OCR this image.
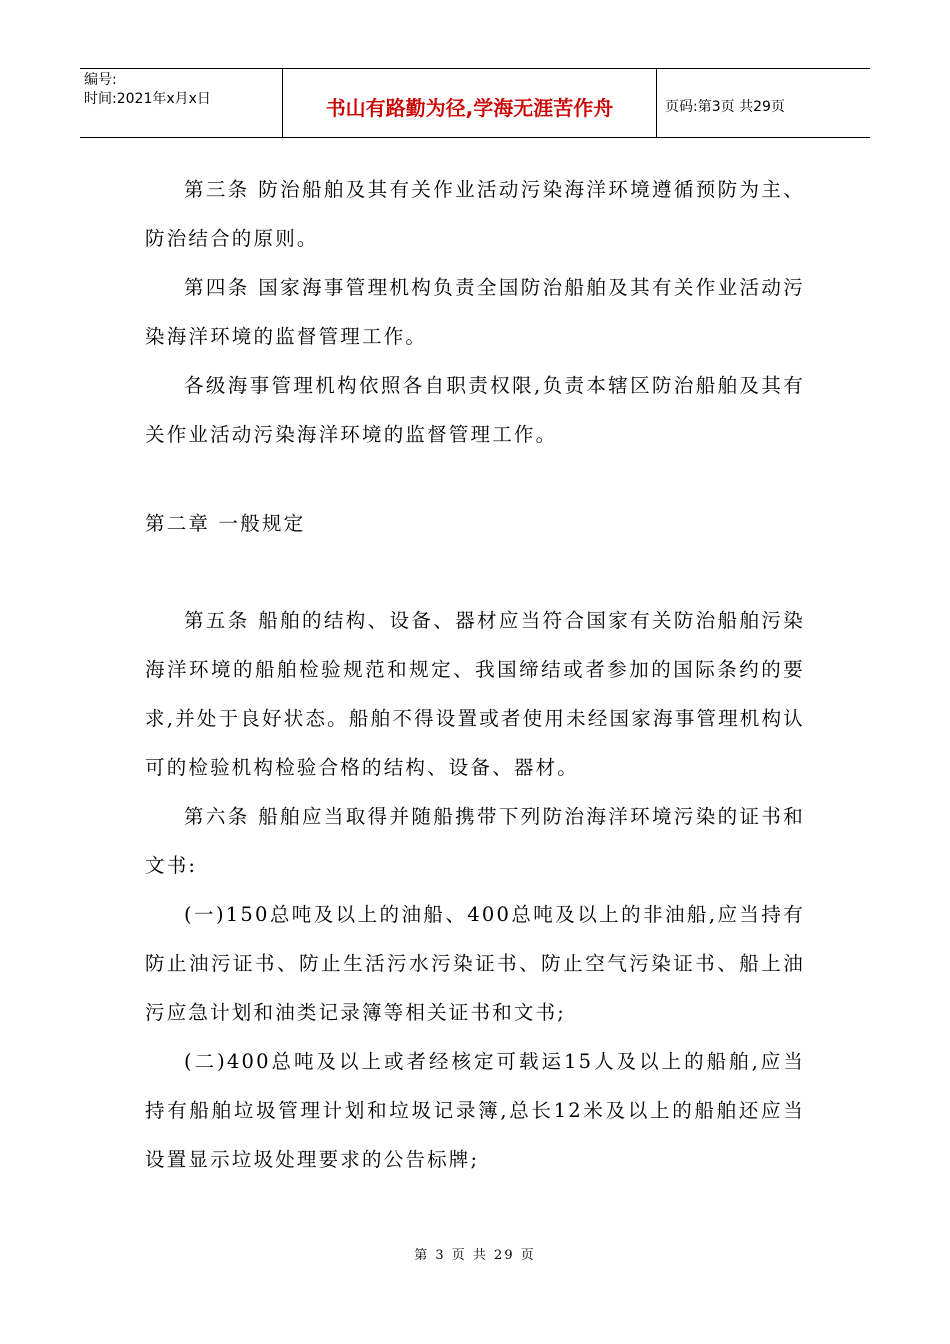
编号:
时间:2021年x月x日	书山有路勤为径,学海无涯苦作舟	页码:第3页 共29页

第三条 防治船舶及其有关作业活动污染海洋环境遵循预防为主、防治结合的原则。

第四条 国家海事管理机构负责全国防治船舶及其有关作业活动污染海洋环境的监督管理工作。

各级海事管理机构依照各自职责权限,负责本辖区防治船舶及其有关作业活动污染海洋环境的监督管理工作。

第二章 一般规定

第五条 船舶的结构、设备、器材应当符合国家有关防治船舶污染海洋环境的船舶检验规范和规定、我国缔结或者参加的国际条约的要求,并处于良好状态。船舶不得设置或者使用未经国家海事管理机构认可的检验机构检验合格的结构、设备、器材。

第六条 船舶应当取得并随船携带下列防治海洋环境污染的证书和文书:

(一)150总吨及以上的油船、400总吨及以上的非油船,应当持有防止油污证书、防止生活污水污染证书、防止空气污染证书、船上油污应急计划和油类记录簿等相关证书和文书;

(二)400总吨及以上或者经核定可载运15人及以上的船舶,应当持有船舶垃圾管理计划和垃圾记录簿,总长12米及以上的船舶还应当设置显示垃圾处理要求的公告标牌;

第 3 页 共 29 页
